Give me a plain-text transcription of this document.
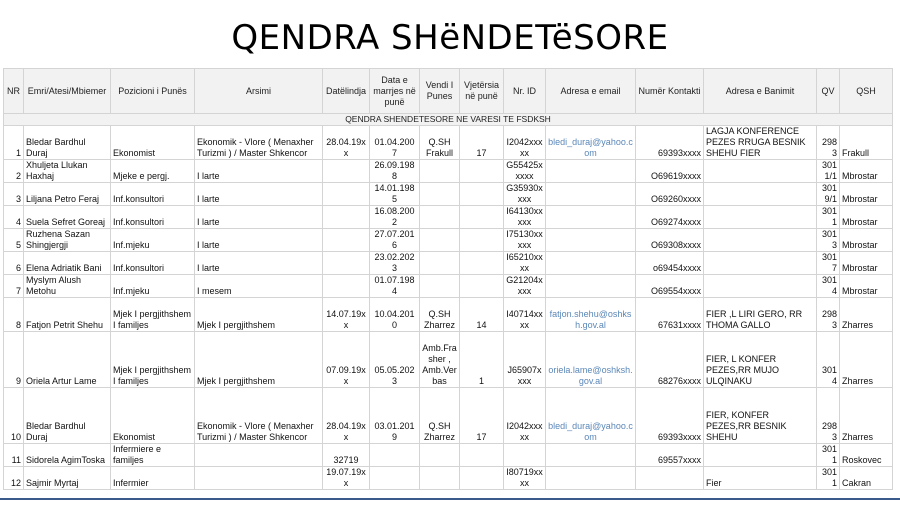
QENDRA SHëNDETëSORE
QENDRA SHENDETESORE NE VARESI TE FSDKSH													
NR	Emri/Atesi/Mbiemer	Pozicioni i Punës	Arsimi	Datëlindja	Data e marrjes në punë	Vendi I Punes	Vjetërsia në punë	Nr. ID	Adresa e email	Numër Kontakti	Adresa e Banimit	QV	QSH
1	Bledar Bardhul Duraj	Ekonomist	Ekonomik - Vlore ( Menaxher Turizmi ) / Master Shkencor	28.04.19xx	01.04.2007	Q.SH Frakull	17	I2042xxxxx	bledi_duraj@yahoo.com	69393xxxx	LAGJA KONFERENCE PEZES RRUGA BESNIK SHEHU FIER	2983	Frakull
2	Xhuljeta Llukan Haxhaj	Mjeke e pergj.	I larte		26.09.1988			G55425xxxxx		O69619xxxx		3011/1	Mbrostar
3	Liljana Petro Feraj	Inf.konsultori	I larte		14.01.1985			G35930xxxx		O69260xxxx		3019/1	Mbrostar
4	Suela Sefret Goreaj	Inf.konsultori	I larte		16.08.2002			I64130xxxxx		O69274xxxx		3011	Mbrostar
5	Ruzhena Sazan Shingjergji	Inf.mjeku	I larte		27.07.2016			I75130xxxxx		O69308xxxx		3013	Mbrostar
6	Elena Adriatik Bani	Inf.konsultori	I larte		23.02.2023			I65210xxxx		o69454xxxx		3017	Mbrostar
7	Myslym Alush Metohu	Inf.mjeku	I mesem		01.07.1984			G21204xxxx		O69554xxxx		3014	Mbrostar
8	Fatjon Petrit Shehu	Mjek I pergjithshem I familjes	Mjek I pergjithshem	14.07.19xx	10.04.2010	Q.SH Zharrez	14	I40714xxxx	fatjon.shehu@oshksh.gov.al	67631xxxx	FIER ,L LIRI GERO, RR THOMA GALLO	2983	Zharres
9	Oriela Artur Lame	Mjek I pergjithshem I familjes	Mjek I pergjithshem	07.09.19xx	05.05.2023	Amb.Frasher , Amb.Verbas	1	J65907xxxx	oriela.lame@oshksh.gov.al	68276xxxx	FIER, L KONFER PEZES,RR MUJO ULQINAKU	3014	Zharres
10	Bledar Bardhul Duraj	Ekonomist	Ekonomik - Vlore ( Menaxher Turizmi ) / Master Shkencor	28.04.19xx	03.01.2019	Q.SH Zharrez	17	I2042xxxxx	bledi_duraj@yahoo.com	69393xxxx	FIER, KONFER PEZES,RR BESNIK SHEHU	2983	Zharres
11	Sidorela AgimToska	Infermiere e familjes		32719						69557xxxx		3011	Roskovec
12	Sajmir Myrtaj	Infermier		19.07.19xx				I80719xxxx			Fier	3011	Cakran
